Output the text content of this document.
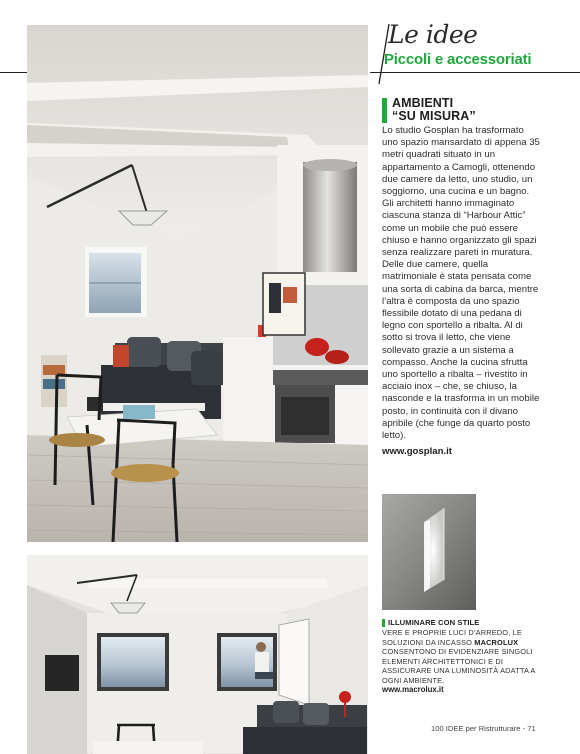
Le idee
Piccoli e accessoriati
AMBIENTI
“SU MISURA”

Lo studio Gosplan ha trasformato uno spazio mansardato di appena 35 metri quadrati situato in un appartamento a Camogli, ottenendo due camere da letto, uno studio, un soggiorno, una cucina e un bagno. Gli architetti hanno immaginato ciascuna stanza di “Harbour Attic” come un mobile che può essere chiuso e hanno organizzato gli spazi senza realizzare pareti in muratura. Delle due camere, quella matrimoniale è stata pensata come una sorta di cabina da barca, mentre l’altra è composta da uno spazio flessibile dotato di una pedana di legno con sportello a ribalta. Al di sotto si trova il letto, che viene sollevato grazie a un sistema a compasso. Anche la cucina sfrutta uno sportello a ribalta – rivestito in acciaio inox – che, se chiuso, la nasconde e la trasforma in un mobile posto, in continuità con il divano apribile (che funge da quarto posto letto).

www.gosplan.it
ILLUMINARE CON STILE

VERE E PROPRIE LUCI D’ARREDO, LE SOLUZIONI DA INCASSO MACROLUX CONSENTONO DI EVIDENZIARE SINGOLI ELEMENTI ARCHITETTONICI E DI ASSICURARE UNA LUMINOSITÀ ADATTA A OGNI AMBIENTE.

www.macrolux.it
100 IDEE per Ristrutturare - 71
